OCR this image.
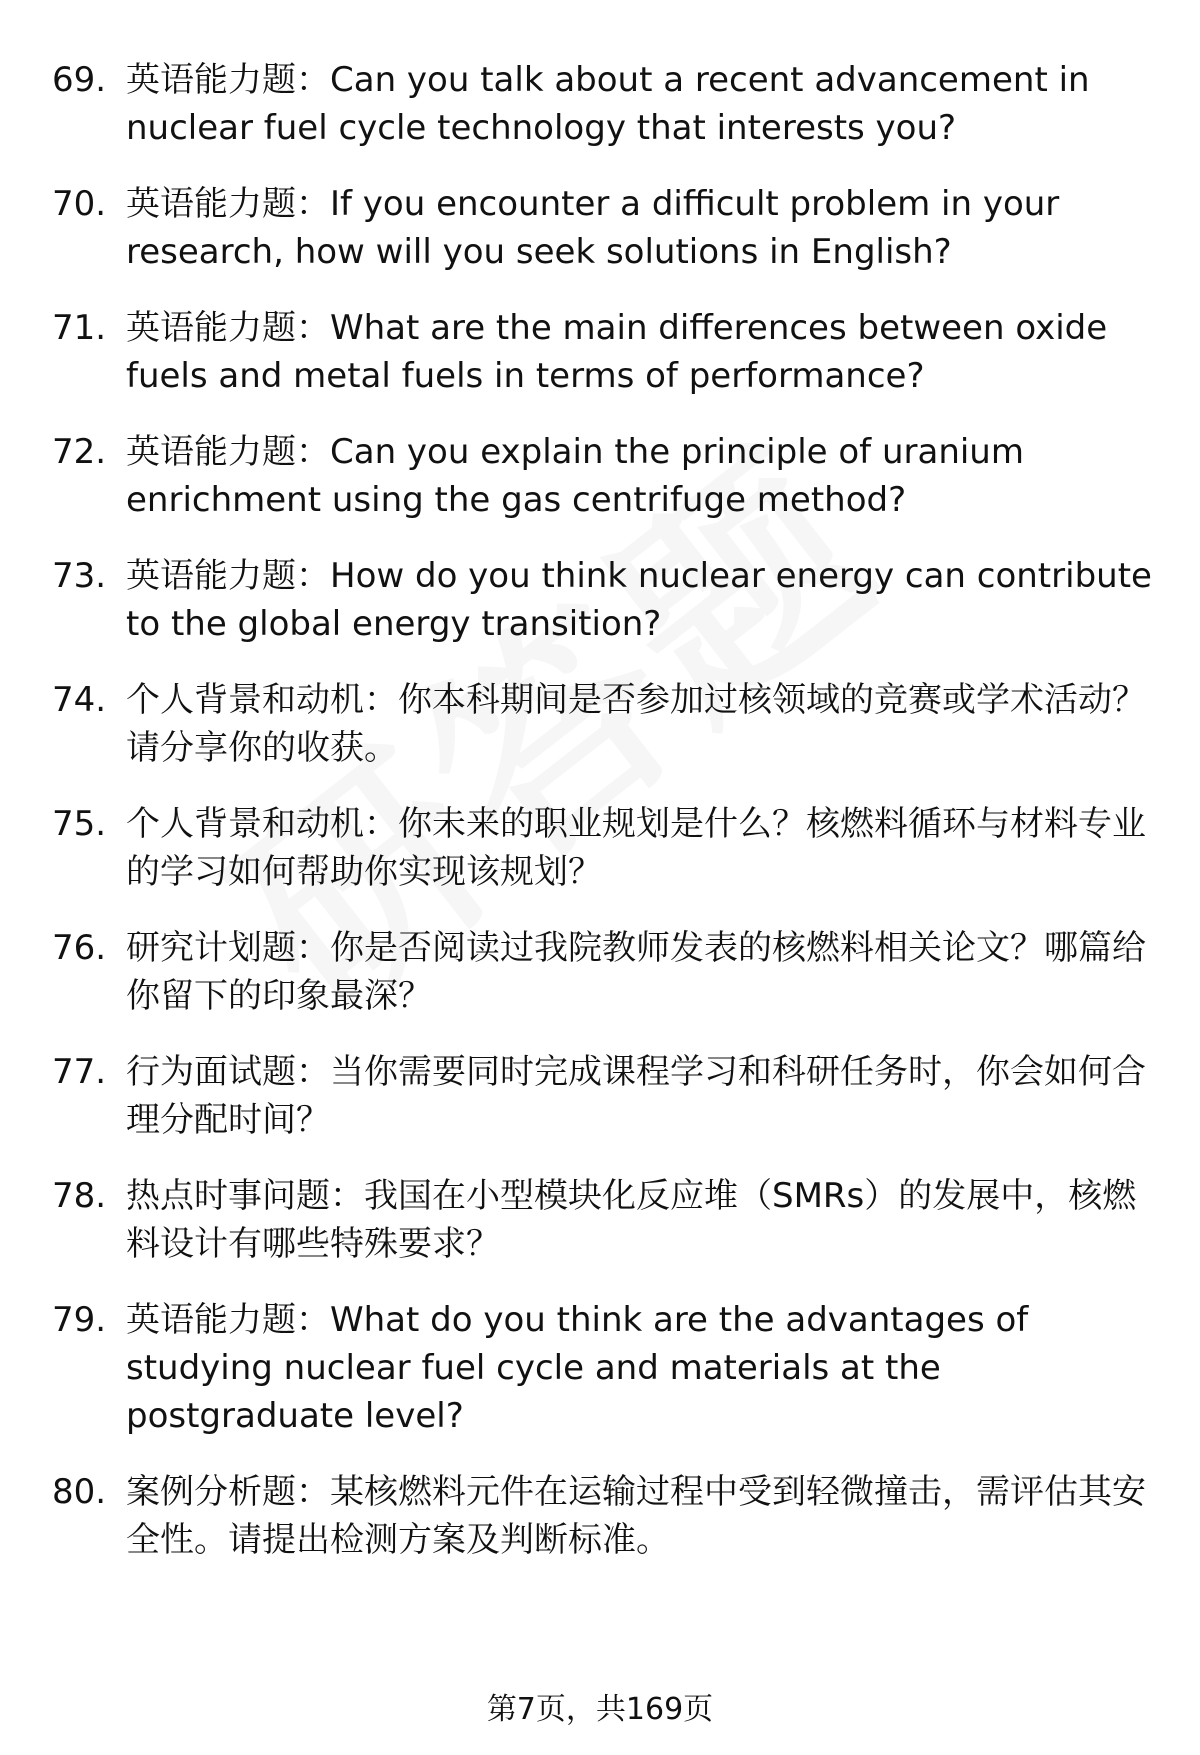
69. 英语能力题：Can you talk about a recent advancement in nuclear fuel cycle technology that interests you?
70. 英语能力题：If you encounter a difficult problem in your research, how will you seek solutions in English?
71. 英语能力题：What are the main differences between oxide fuels and metal fuels in terms of performance?
72. 英语能力题：Can you explain the principle of uranium enrichment using the gas centrifuge method?
73. 英语能力题：How do you think nuclear energy can contribute to the global energy transition?
74. 个人背景和动机：你本科期间是否参加过核领域的竞赛或学术活动？请分享你的收获。
75. 个人背景和动机：你未来的职业规划是什么？核燃料循环与材料专业的学习如何帮助你实现该规划？
76. 研究计划题：你是否阅读过我院教师发表的核燃料相关论文？哪篇给你留下的印象最深？
77. 行为面试题：当你需要同时完成课程学习和科研任务时，你会如何合理分配时间？
78. 热点时事问题：我国在小型模块化反应堆（SMRs）的发展中，核燃料设计有哪些特殊要求？
79. 英语能力题：What do you think are the advantages of studying nuclear fuel cycle and materials at the postgraduate level?
80. 案例分析题：某核燃料元件在运输过程中受到轻微撞击，需评估其安全性。请提出检测方案及判断标准。
第7页，共169页
